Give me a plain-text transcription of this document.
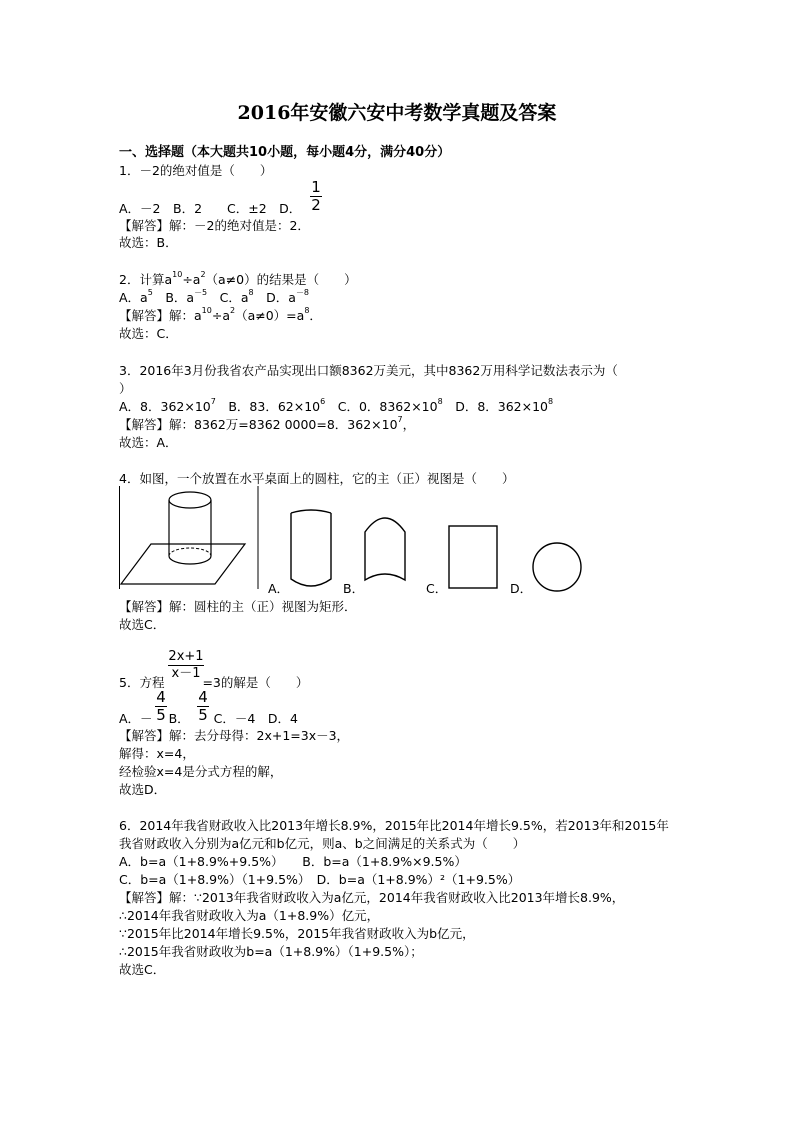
2016年安徽六安中考数学真题及答案
一、选择题（本大题共10小题，每小题4分，满分40分）
1．－2的绝对值是（　　）
A．－2　B．2　　C．±2　D．
1
2
【解答】解：－2的绝对值是：2．
故选：B．
2．计算$a^{10}\div a^2(a\ne 0)$的结果是（　　）
A．$a^5$　B．$a^{-5}$　C．$a^8$　D．$a^{-8}$
【解答】解：$a^{10}\div a^2(a\ne 0)=a^8$．
故选：C．
3．2016年3月份我省农产品实现出口额8362万美元，其中8362万用科学记数法表示为（
）
A．8．$362\times 10^7$　B．83．$62\times 10^6$　C．0．$8362\times 10^8$　D．8．$362\times 10^8$
【解答】解：8362万=8362 0000=8．$362\times 10^7$，
故选：A．
4．如图，一个放置在水平桌面上的圆柱，它的主（正）视图是（　　）
A．	B．	C．	D．
【解答】解：圆柱的主（正）视图为矩形．
故选C．
2x+1
x－1
5．方程	=3的解是（　　）
4
5
4
5
A．－ B． C．－4　D．4
【解答】解：去分母得：2x+1=3x－3，
解得：x=4，
经检验x=4是分式方程的解，
故选D．
6．2014年我省财政收入比2013年增长8.9%，2015年比2014年增长9.5%，若2013年和2015年
我省财政收入分别为a亿元和b亿元，则a、b之间满足的关系式为（　　）
A．b=a（1+8.9%+9.5%）　　B．b=a（1+8.9%×9.5%）
C．b=a（1+8.9%）（1+9.5%）　D．b=a（1+8.9%）²（1+9.5%）
【解答】解：∵2013年我省财政收入为a亿元，2014年我省财政收入比2013年增长8.9%，
∴2014年我省财政收入为a（1+8.9%）亿元，
∵2015年比2014年增长9.5%，2015年我省财政收入为b亿元，
∴2015年我省财政收为b=a（1+8.9%）（1+9.5%）；
故选C．
